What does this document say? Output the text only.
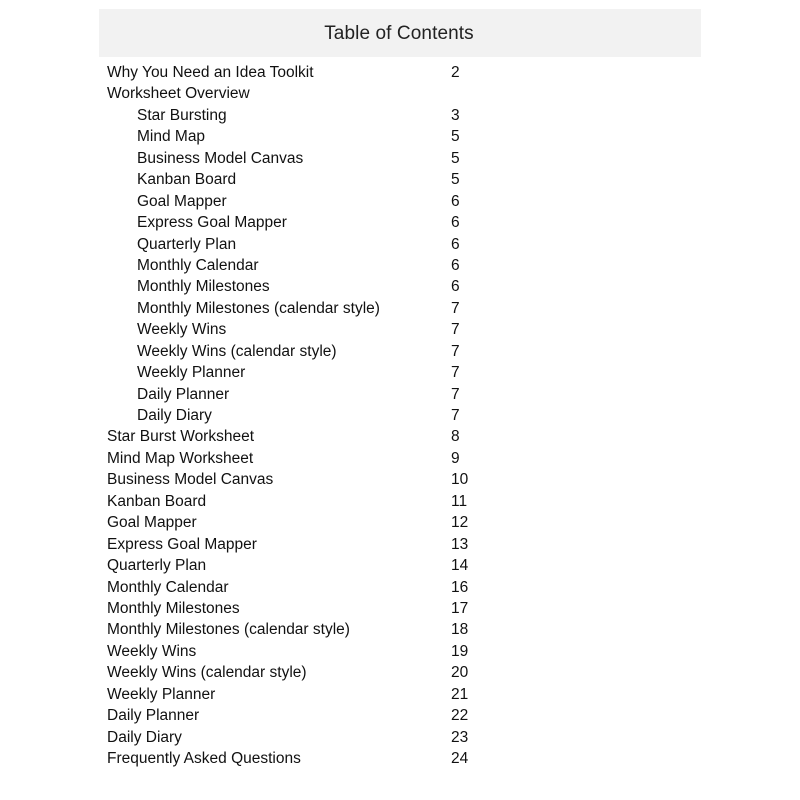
Table of Contents
Why You Need an Idea Toolkit	2
Worksheet Overview
Star Bursting	3
Mind Map	5
Business Model Canvas	5
Kanban Board	5
Goal Mapper	6
Express Goal Mapper	6
Quarterly Plan	6
Monthly Calendar	6
Monthly Milestones	6
Monthly Milestones (calendar style)	7
Weekly Wins	7
Weekly Wins (calendar style)	7
Weekly Planner	7
Daily Planner	7
Daily Diary	7
Star Burst Worksheet	8
Mind Map Worksheet	9
Business Model Canvas	10
Kanban Board	11
Goal Mapper	12
Express Goal Mapper	13
Quarterly Plan	14
Monthly Calendar	16
Monthly Milestones	17
Monthly Milestones (calendar style)	18
Weekly Wins	19
Weekly Wins (calendar style)	20
Weekly Planner	21
Daily Planner	22
Daily Diary	23
Frequently Asked Questions	24
